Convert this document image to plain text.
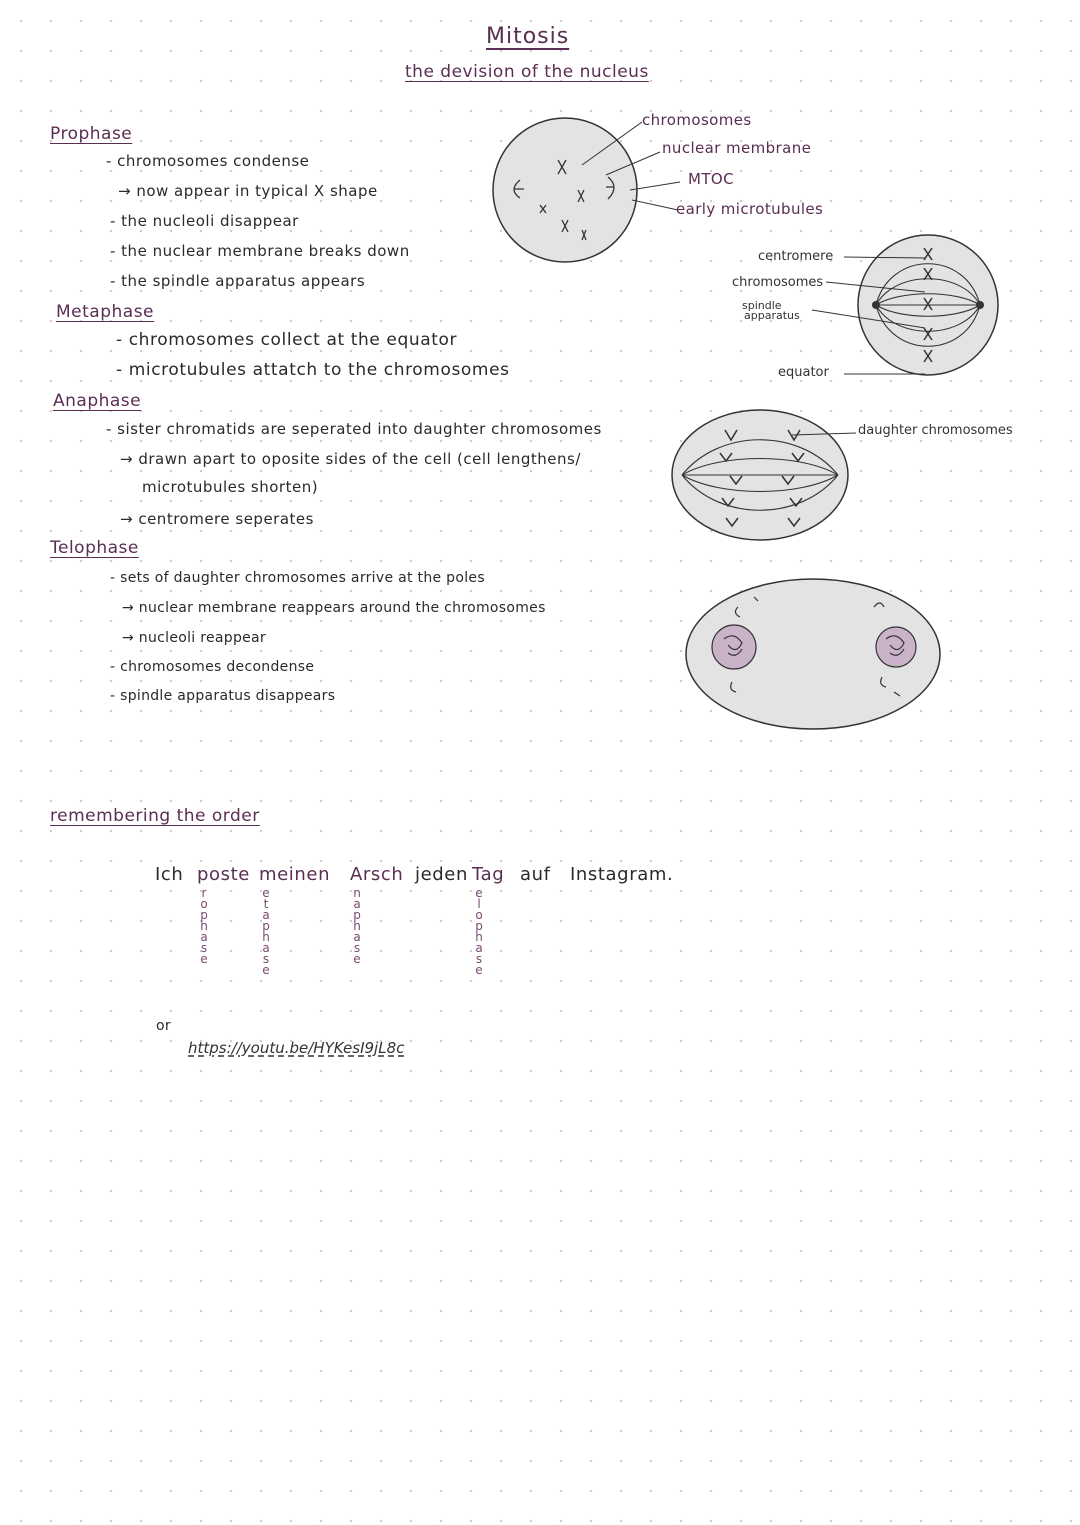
Mitosis
the devision of the nucleus
Prophase
- chromosomes condense
→ now appear in typical X shape
- the nucleoli disappear
- the nuclear membrane breaks down
- the spindle apparatus appears
chromosomes
nuclear membrane
MTOC
early microtubules
Metaphase
- chromosomes collect at the equator
- microtubules attatch to the chromosomes
centromere
chromosomes
spindle
apparatus
equator
Anaphase
- sister chromatids are seperated into daughter chromosomes
→ drawn apart to oposite sides of the cell (cell lengthens/
microtubules shorten)
→ centromere seperates
daughter chromosomes
Telophase
- sets of daughter chromosomes arrive at the poles
→ nuclear membrane reappears around the chromosomes
→ nucleoli reappear
- chromosomes decondense
- spindle apparatus disappears
remembering the order
Ich poste meinen Arsch jeden Tag auf Instagram.
r
o
p
h
a
s
e
e
t
a
p
h
a
s
e
n
a
p
h
a
s
e
e
l
o
p
h
a
s
e
or
https://youtu.be/HYKesI9jL8c
